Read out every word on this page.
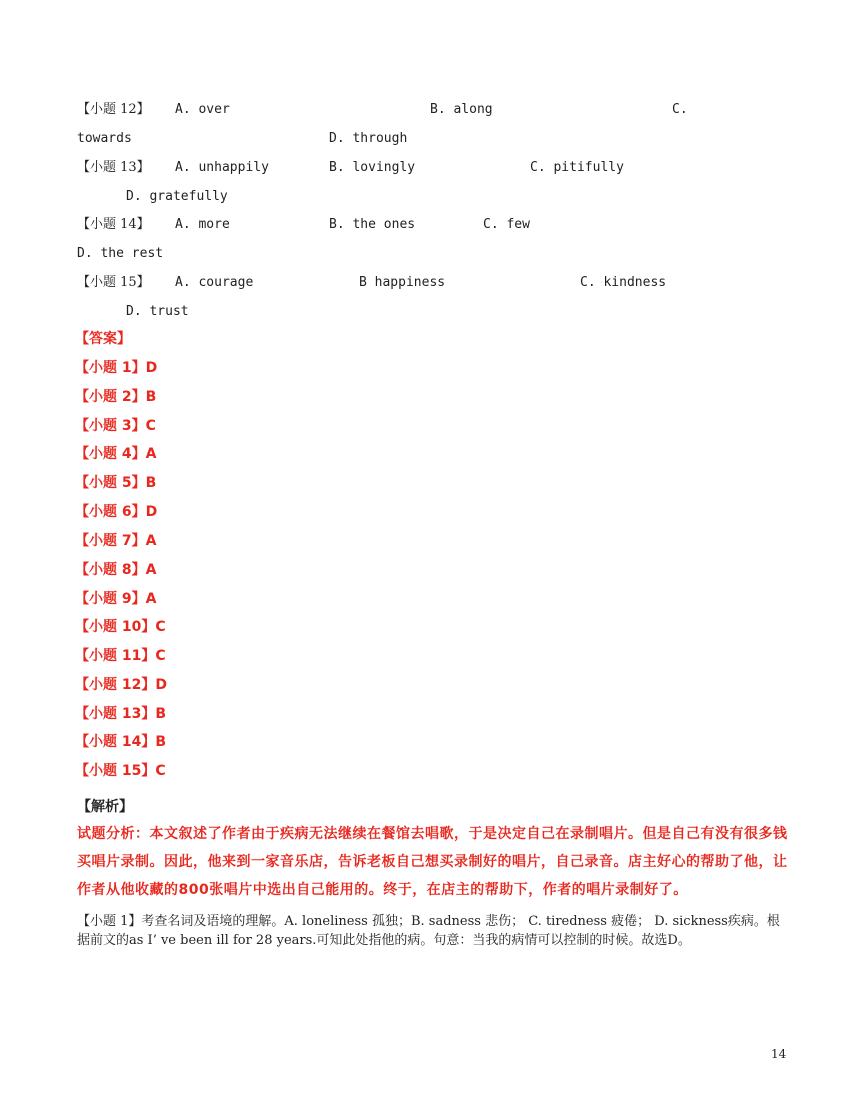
【小题 12】 A. over	B. along	C.
towards	D. through
【小题 13】 A. unhappily	B. lovingly	C. pitifully
D. gratefully
【小题 14】 A. more	B. the ones	C. few
D. the rest
【小题 15】 A. courage	B happiness	C. kindness
D. trust
【答案】
【小题 1】D
【小题 2】B
【小题 3】C
【小题 4】A
【小题 5】B
【小题 6】D
【小题 7】A
【小题 8】A
【小题 9】A
【小题 10】C
【小题 11】C
【小题 12】D
【小题 13】B
【小题 14】B
【小题 15】C
【解析】
试题分析：本文叙述了作者由于疾病无法继续在餐馆去唱歌，于是决定自己在录制唱片。但是自己有没有很多钱买唱片录制。因此，他来到一家音乐店，告诉老板自己想买录制好的唱片，自己录音。店主好心的帮助了他，让作者从他收藏的800张唱片中选出自己能用的。终于，在店主的帮助下，作者的唱片录制好了。
【小题 1】考查名词及语境的理解。A. loneliness 孤独；B. sadness 悲伤； C. tiredness 疲倦； D. sickness疾病。根据前文的as I’ ve been ill for 28 years.可知此处指他的病。句意：当我的病情可以控制的时候。故选D。
14
